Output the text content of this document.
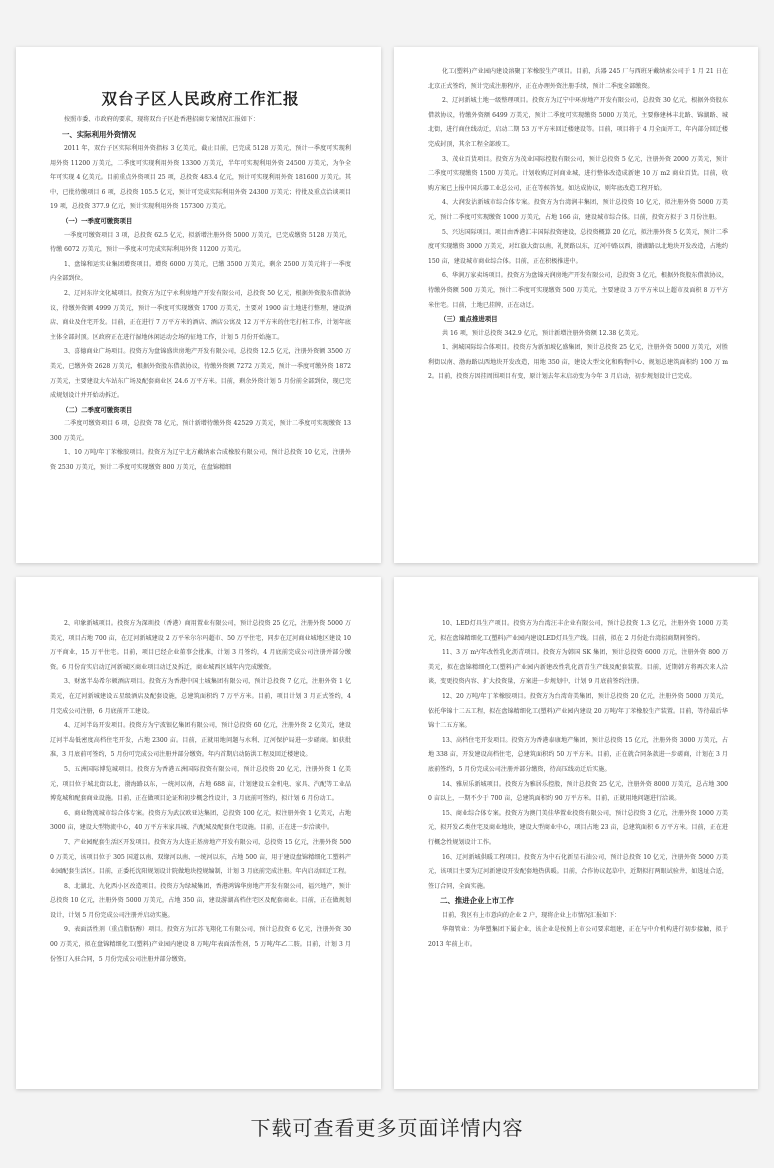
双台子区人民政府工作汇报
按照市委、市政府的要求，现将双台子区赴香港招商专案情况汇报如下：
一、实际利用外资情况
2011 年，双台子区实际利用外资指标 3 亿美元，截止目前，已完成 5128 万美元，预计一季度可实现利用外资 11200 万美元，二季度可实现利用外资 13300 万美元，半年可实现利用外资 24500 万美元，为争全年可实现 4 亿美元。目前重点外资项目 25 项，总投资 483.4 亿元，预计可实现利用外资 181600 万美元。其中，已批待缴项目 6 项，总投资 105.5 亿元，预计可完成实际利用外资 24300 万美元；待批及重点洽谈项目 19 项，总投资 377.9 亿元，预计实现利用外资 157300 万美元。
（一）一季度可缴资项目
一季度可缴资项目 3 项，总投资 62.5 亿元，拟新增注册外资 5000 万美元，已完成缴资 5128 万美元，待缴 6072 万美元，预计一季度末可完成实际利用外资 11200 万美元。
1、盘锦和运实业集团增资项目。增资 6000 万美元，已缴 3500 万美元，剩余 2500 万美元将于一季度内全部到位。
2、辽河东岸文化城项目。投资方为辽宁永利房地产开发有限公司，总投资 50 亿元，根据外资股东借款协议，待缴外资额 4999 万美元，预计一季度可实现缴资 1700 万美元，主要对 1900 亩土地进行整理，建设酒店、商业及住宅开发。目前，正在进行 7 万平方米的酒店、酒店公寓及 12 万平方米的住宅打桩工作，计划年底主体全部封顶。区政府正在进行湿地休闲运动会场的征地工作，计划 5 月份开始施工。
3、喜德商业广场项目。投资方为盘锦盛世房地产开发有限公司，总投资 12.5 亿元，注册外资额 3500 万美元，已缴外资 2628 万美元，根据外资股东借款协议，待缴外资额 7272 万美元，预计一季度可缴外资 1872 万美元，主要建设大车站东广场及配套商业区 24.6 万平方米。目前，剩余外资计划 5 月份前全部到位，现已完成规划设计并开始动拆迁。
（二）二季度可缴资项目
二季度可缴资项目 6 项，总投资 78 亿元，预计新增待缴外资 42529 万美元，预计二季度可实现缴资 13300 万美元。
1、10 万吨/年丁苯橡胶项目。投资方为辽宁北方戴纳索合成橡胶有限公司，预计总投资 10 亿元，注册外资 2530 万美元，预计二季度可实现缴资 800 万美元，在盘锦精细
化工(塑料)产业园内建设溶聚丁苯橡胶生产项目。目前，兵器 245 厂与西班牙戴纳索公司于 1 月 21 日在北京正式签约，预计完成注册程序，正在办理外资注册手续，预计二季度全部缴资。
2、辽河新城土地一级整理项目。投资方为辽宁中环房地产开发有限公司，总投资 30 亿元，根据外资股东借款协议，待缴外资额 6499 万美元，预计二季度可实现缴资 5000 万美元，主要修建林丰北路、锦湖路、城北街，进行商住线动迁，启动二期 53 万平方米回迁楼建设等。目前，项目将于 4 月全面开工，年内部分回迁楼完成封顶，其余工程全部竣工。
3、茂业百货项目。投资方为茂业国际控股有限公司，预计总投资 5 亿元，注册外资 2000 万美元，预计二季度可实现缴资 1500 万美元。计划收购辽河商业城，进行整体改造成新建 10 万 m2 商业百货。目前，收购方案已上报中国兵器工业总公司，正在等候答复。如达成协议，则年底改造工程开始。
4、大润发沾新城市综合体专案。投资方为台湾润丰集团，预计总投资 10 亿元，拟注册外资 5000 万美元，预计二季度可实现缴资 1000 万美元，占地 166 亩，建设城市综合体。目前，投资方拟于 3 月份注册。
5、兴达国际项目。项目由香港汇丰国际投资建设，总投资概算 20 亿元，拟注册外资 5 亿美元，预计二季度可实现缴资 3000 万美元，对红旗大街以南，礼贤路以东，辽河中路以西，渤湖路以北地块开发改造，占地约 150 亩，建设城市商业综合体。目前，正在积极推进中。
6、华润万家卖场项目。投资方为盘锦天润房地产开发有限公司，总投资 3 亿元，根据外资股东借款协议，待缴外资额 500 万美元，预计二季度可实现缴资 500 万美元，主要建设 3 万平方米以上超市及面积 8 万平方米住宅。目前，土地已挂牌，正在动迁。
（三）重点推进项目
共 16 项，预计总投资 342.9 亿元，预计新增注册外资额 12.38 亿美元。
1、润城国际综合体项目。投资方为新加坡亿盛集团，预计总投资 25 亿元，注册外资 5000 万美元，对胜利街以南、渤海路以西地块开发改造，用地 350 亩，建设大型文化和购物中心、规划总建筑面积约 100 万 m2。目前，投资方因挂周围项目有变，原计划去年末启动变为今年 3 月启动，初步规划设计已完成。
2、印象新城项目。投资方为深圳投（香港）商用置业有限公司，预计总投资 25 亿元，注册外资 5000 万美元，项目占地 700 亩，在辽河新城建设 2 万平米尔尔玛超市、50 万平住宅，同步在辽河商业城地区建设 10 万平商业，15 万平住宅。目前，项目已经企业董事会批准，计划 3 月签约，4 月底前完成公司注册并部分缴资。6 月份育实启动辽河新城区商业项目动迁及拆迁，商业城西区域年内完成缴资。
3、财富半岛希尔顿酒店项目。投资方为香港中国土城集团有限公司，预计总投资 7 亿元，注册外资 1 亿美元，在辽河新城建设五星级酒店及配套设施，总建筑面积约 7 万平方米。目前，项目计划 3 月正式签约，4 月完成公司注册，6 月底前开工建设。
4、辽河半岛开发项目。投资方为宁波银亿集团有限公司，预计总投资 60 亿元，注册外资 2 亿美元，建设辽河半岛低密度高档住宅开发，占地 2300 亩。目前，正就用地问题与水利、辽河保护局进一步磋商。如获批准，3 月底前可签约，5 月份可完成公司注册并部分缴资。年内首期启动防洪工程及回迁楼建设。
5、五洲国际博览城项目。投资方为香港五洲国际投资有限公司，预计总投资 20 亿元，注册外资 1 亿美元，项目位于城北街以北，渤海路以东，一统河以南，占地 688 亩，计划建设五金机电、家具、汽配等工业品博览城和配套商业设施。目前，正在做项目论证和初步概念性设计，3 月底前可签约，拟计划 6 月份动工。
6、商业物流城市综合体专案。投资方为武汉欧亚达集团，总投资 100 亿元，拟注册外资 1 亿美元，占地 3000 亩，建设大型物流中心，40 万平方米家具城、汽配城及配套住宅设施。目前，正在进一步洽谈中。
7、产业园配套生活区开发项目。投资方为大连正基房地产开发有限公司，总投资 15 亿元，注册外资 5000 万美元，该项目位于 305 国道以南、双缘河以南、一统河以东，占地 500 亩，用于建设盘锦精细化工塑料产业园配套生活区。目前，正委托沈阳规划设计院做地块控规编制，计划 3 月底前完成注册。年内启动回迁工程。
8、北湖北、九化西小区改造项目。投资方为绿城集团，香港鸿锦华房地产开发有限公司，福兴地产，预计总投资 10 亿元，注册外资 5000 万美元，占地 350 亩，建设游湖高档住宅区及配套商业。目前，正在做规划设计，计划 5 月份完成公司注册并启动实施。
9、表面活性剂（重点脂肪醇）项目。投资方为江苏飞翔化工有限公司，预计总投资 6 亿元，注册外资 3000 万美元，拟在盘锦精细化工(塑料)产业园内建设 8 万吨/年表面活性剂，5 万吨/年乙二胺。目前，计划 3 月份签订入驻合同，5 月份完成公司注册并部分缴资。
10、LED灯具生产项目。投资方为台湾汪丰企业有限公司，预计总投资 1.3 亿元，注册外资 1000 万美元，拟在盘锦精细化工(塑料)产业园内建设LED灯具生产线。目前，拟在 2 月份赴台湾招商期间签约。
11、3 万 m³/年改性乳化沥青项目。投资方为韩国 SK 集团，预计总投资 6000 万元，注册外资 800 万美元，拟在盘锦精细化工(塑料)产业园内新建改性乳化沥青生产线及配套装置。目前，近期韩方将再次来人洽谈，变更投资内容、扩大投资量，方案进一步规划中，计划 9 月底前签约注册。
12、20 万吨/年丁苯橡胶项目。投资方为台湾奇美集团，预计总投资 20 亿元，注册外资 5000 万美元，依托华锦十二五工程，拟在盘锦精细化工(塑料)产业园内建设 20 万吨/年丁苯橡胶生产装置。目前，等待最后华锦十二五方案。
13、高档住宅开发项目。投资方为香港泰康地产集团，预计总投资 15 亿元，注册外资 3000 万美元，占地 338 亩，开发建设高档住宅，总建筑面积约 50 万平方米。目前，正在就合同条款进一步磋商，计划在 3 月底前签约，5 月份完成公司注册并部分缴资，待高压线动迁后实施。
14、雅居乐新城项目。投资方为雅居乐控股，预计总投资 25 亿元，注册外资 8000 万美元，总占地 3000 亩以上，一期不少于 700 亩，总建筑面积约 90 万平方米。目前，正就用地问题进行洽谈。
15、商业综合体专案。投资方为澳门美佳华置业投资有限公司，预计总投资 3 亿元，注册外资 1000 万美元，拟开发乙类住宅及商业地块，建设大型商业中心，项目占地 23 亩，总建筑面积 6 万平方米。目前，正在进行概念性规划设计工作。
16、辽河新城供暖工程项目。投资方为中石化新星石油公司，预计总投资 10 亿元，注册外资 5000 万美元，该项目主要为辽河新建设开发配套地热供暖。目前，合作协议起草中，近期拟打两眼试验井，如选址合适，签订合同，全面实施。
二、推进企业上市工作
目前，我区有上市意向的企业 2 户，现将企业上市情况汇报如下：
华翔管业：为华塑集团下属企业，该企业是按照上市公司要求组建，正在与中介机构进行初步接触，拟于 2013 年前上市。
下载可查看更多页面详情内容
